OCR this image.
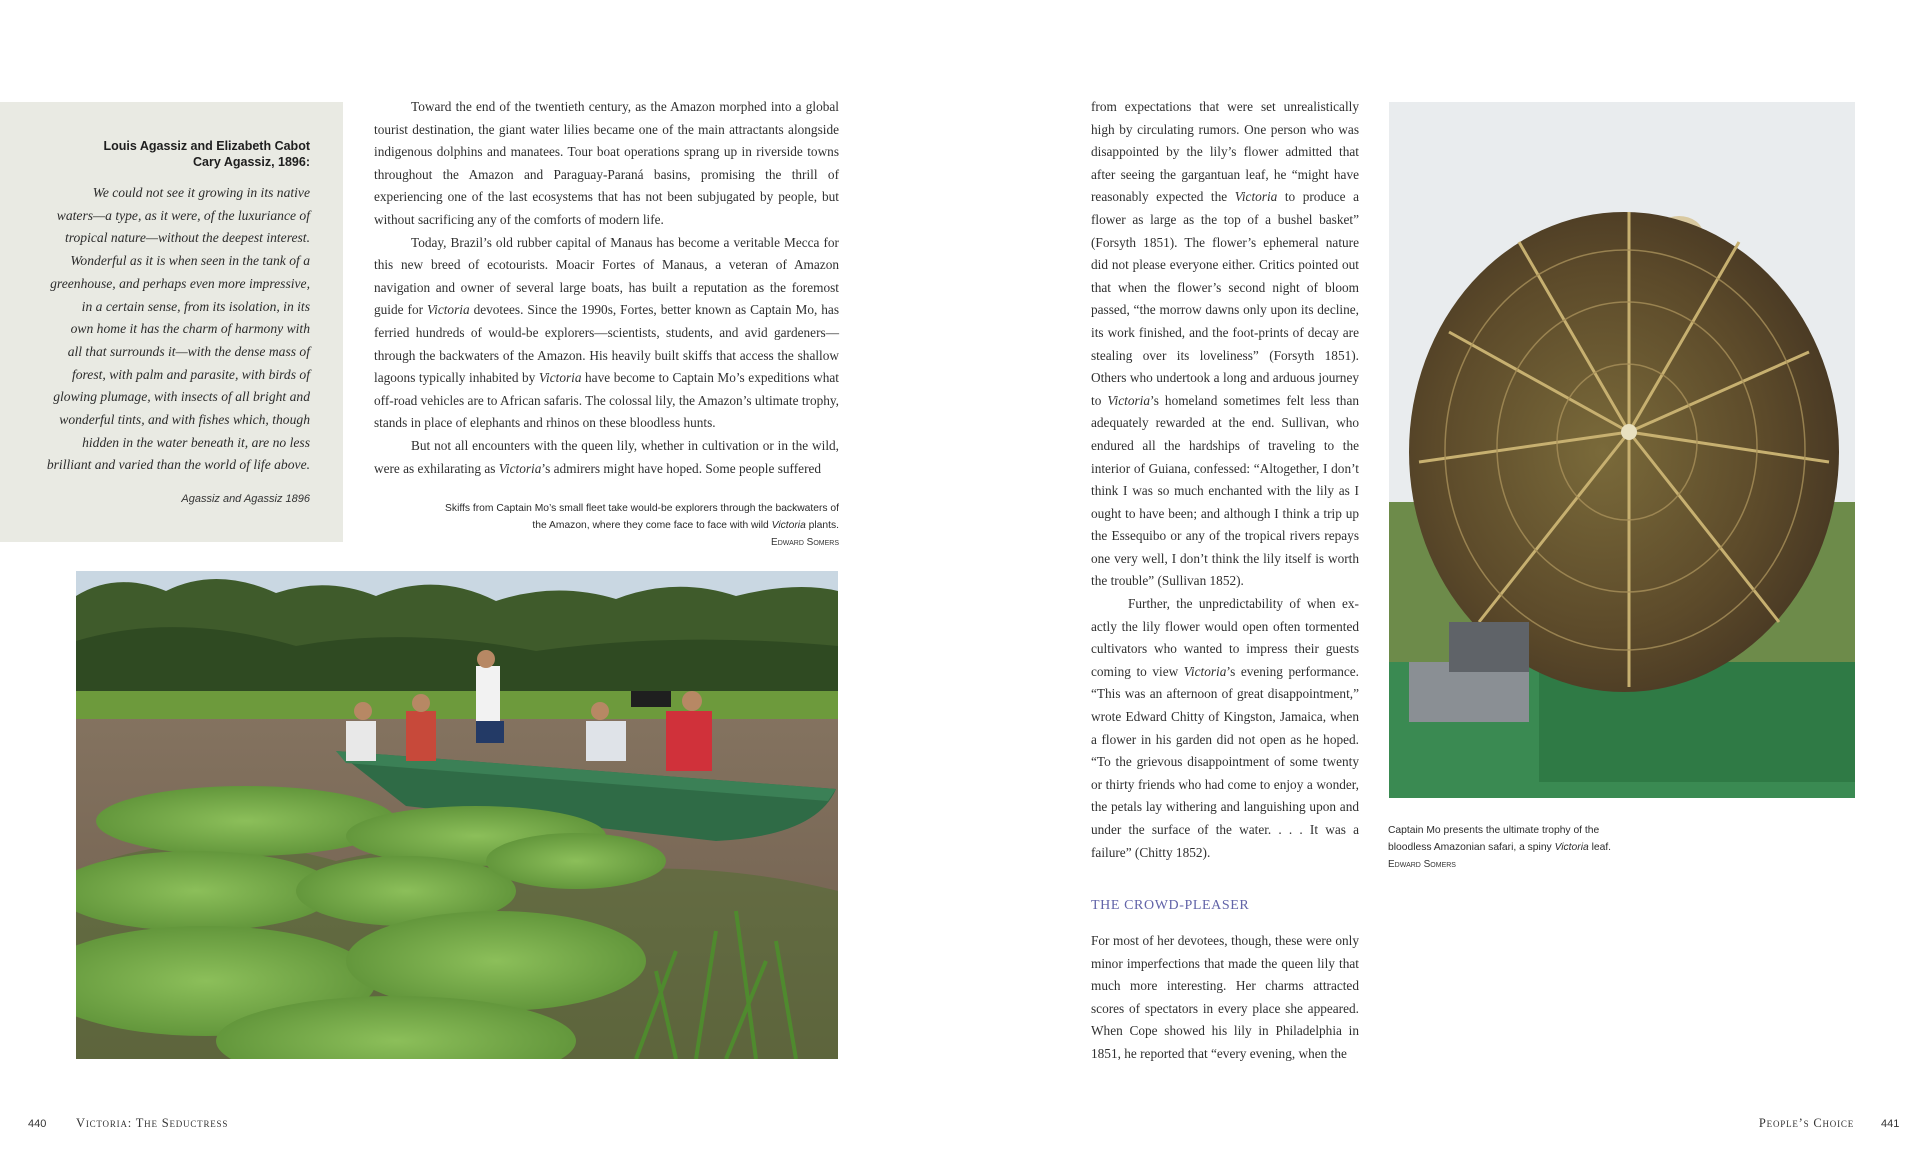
Louis Agassiz and Elizabeth Cabot Cary Agassiz, 1896:
We could not see it growing in its native
waters—a type, as it were, of the luxuriance of
tropical nature—without the deepest interest.
Wonderful as it is when seen in the tank of a
greenhouse, and perhaps even more impressive,
in a certain sense, from its isolation, in its
own home it has the charm of harmony with
all that surrounds it—with the dense mass of
forest, with palm and parasite, with birds of
glowing plumage, with insects of all bright and
wonderful tints, and with fishes which, though
hidden in the water beneath it, are no less
brilliant and varied than the world of life above.
Agassiz and Agassiz 1896

Toward the end of the twentieth century, as the Amazon morphed into a global tourist destination, the giant water lilies became one of the main attractants alongside indigenous dolphins and manatees. Tour boat operations sprang up in riverside towns throughout the Amazon and Paraguay-Paraná basins, promising the thrill of experiencing one of the last ecosystems that has not been subjugated by people, but without sacrificing any of the comforts of modern life.

Today, Brazil’s old rubber capital of Manaus has become a veritable Mecca for this new breed of ecotourists. Moacir Fortes of Manaus, a veteran of Amazon navigation and owner of several large boats, has built a reputation as the foremost guide for Victoria devotees. Since the 1990s, Fortes, better known as Captain Mo, has ferried hundreds of would-be explorers—scientists, students, and avid gardeners—through the backwaters of the Amazon. His heavily built skiffs that access the shallow lagoons typically inhabited by Victoria have become to Captain Mo’s expeditions what off-road vehicles are to African safaris. The colossal lily, the Amazon’s ultimate trophy, stands in place of elephants and rhinos on these bloodless hunts.

But not all encounters with the queen lily, whether in cultivation or in the wild, were as exhilarating as Victoria’s admirers might have hoped. Some people suffered

Skiffs from Captain Mo’s small fleet take would-be explorers through the backwaters of the Amazon, where they come face to face with wild Victoria plants.
Edward Somers

from expectations that were set unrealistically high by circulating rumors. One person who was disappointed by the lily’s flower admitted that after seeing the gargantuan leaf, he “might have reasonably expected the Victoria to produce a flower as large as the top of a bushel basket” (Forsyth 1851). The flower’s ephemeral nature did not please everyone either. Critics pointed out that when the flower’s second night of bloom passed, “the morrow dawns only upon its decline, its work finished, and the foot-prints of decay are stealing over its loveliness” (Forsyth 1851). Others who undertook a long and arduous journey to Victoria’s homeland sometimes felt less than adequately rewarded at the end. Sullivan, who endured all the hardships of traveling to the interior of Guiana, confessed: “Altogether, I don’t think I was so much enchanted with the lily as I ought to have been; and although I think a trip up the Essequibo or any of the tropical rivers repays one very well, I don’t think the lily itself is worth the trouble” (Sullivan 1852).

Further, the unpredictability of when ex-actly the lily flower would open often tormented cultivators who wanted to impress their guests coming to view Victoria’s evening performance. “This was an afternoon of great disappointment,” wrote Edward Chitty of Kingston, Jamaica, when a flower in his garden did not open as he hoped. “To the grievous disappointment of some twenty or thirty friends who had come to enjoy a wonder, the petals lay withering and languishing upon and under the surface of the water. . . . It was a failure” (Chitty 1852).

THE CROWD-PLEASER

For most of her devotees, though, these were only minor imperfections that made the queen lily that much more interesting. Her charms attracted scores of spectators in every place she appeared. When Cope showed his lily in Philadelphia in 1851, he reported that “every evening, when the

Captain Mo presents the ultimate trophy of the bloodless Amazonian safari, a spiny Victoria leaf.
Edward Somers
440 Victoria: The Seductress	People’s Choice 441
